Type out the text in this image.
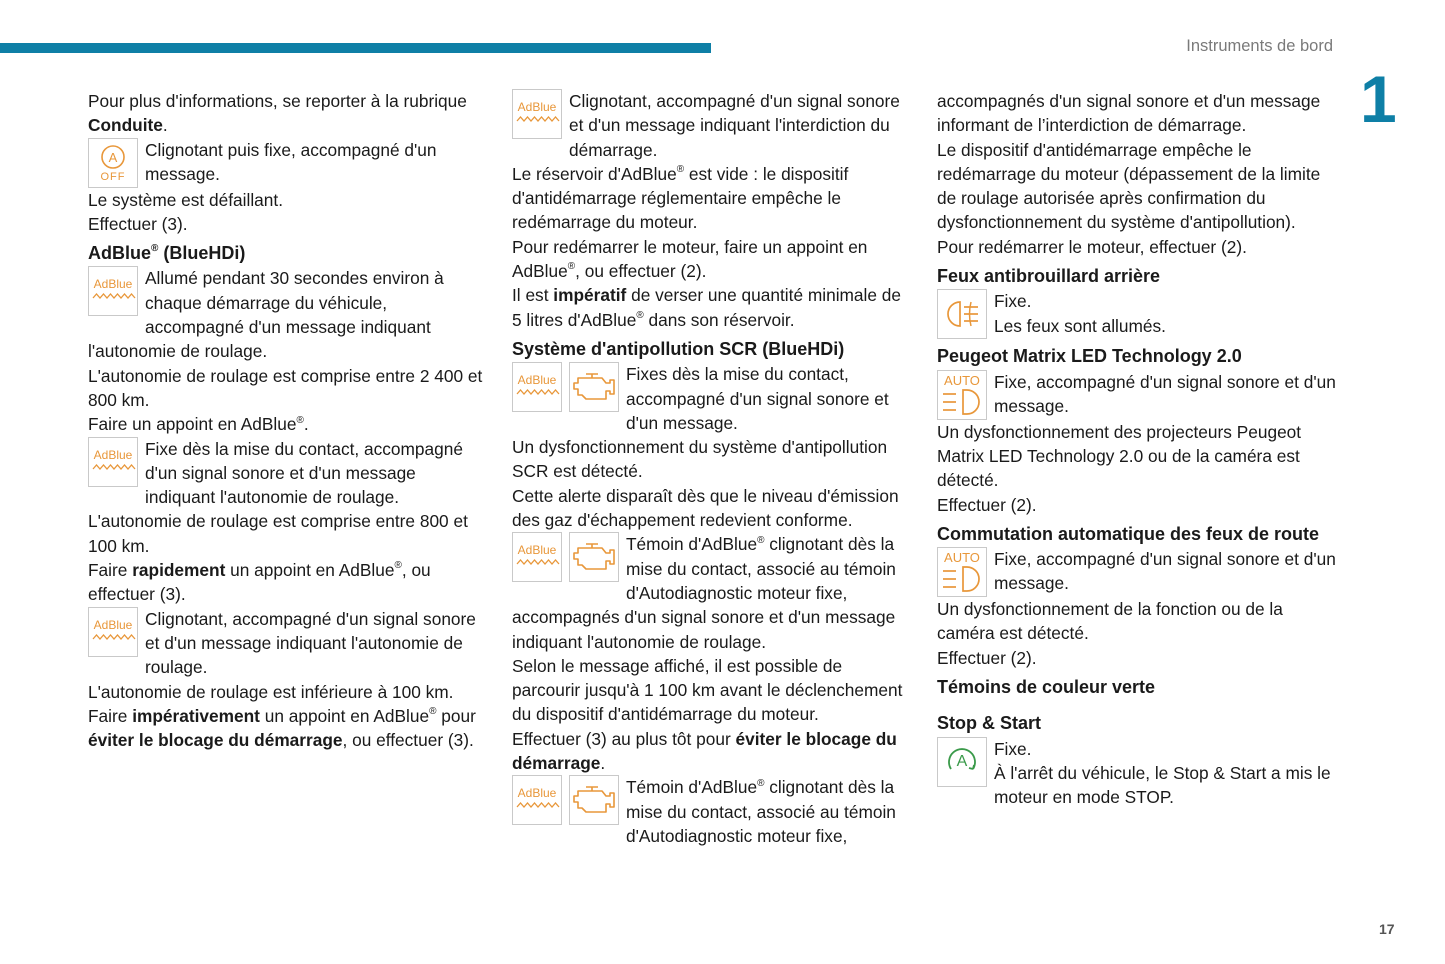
Instruments de bord
1
17
Pour plus d'informations, se reporter à la rubrique Conduite.
A
OFF
Clignotant puis fixe, accompagné d'un message.
Le système est défaillant.
Effectuer (3).
AdBlue® (BlueHDi)
AdBlue Allumé pendant 30 secondes environ à chaque démarrage du véhicule, accompagné d'un message indiquant l'autonomie de roulage.
L'autonomie de roulage est comprise entre 2 400 et 800 km.
Faire un appoint en AdBlue®.
AdBlue Fixe dès la mise du contact, accompagné d'un signal sonore et d'un message indiquant l'autonomie de roulage.
L'autonomie de roulage est comprise entre 800 et 100 km.
Faire rapidement un appoint en AdBlue®, ou effectuer (3).
AdBlue Clignotant, accompagné d'un signal sonore et d'un message indiquant l'autonomie de roulage.
L'autonomie de roulage est inférieure à 100 km.
Faire impérativement un appoint en AdBlue® pour éviter le blocage du démarrage, ou effectuer (3).
AdBlue Clignotant, accompagné d'un signal sonore et d'un message indiquant l'interdiction du démarrage.
Le réservoir d'AdBlue® est vide : le dispositif d'antidémarrage réglementaire empêche le redémarrage du moteur.
Pour redémarrer le moteur, faire un appoint en AdBlue®, ou effectuer (2).
Il est impératif de verser une quantité minimale de 5 litres d'AdBlue® dans son réservoir.
Système d'antipollution SCR (BlueHDi)
AdBlue	Fixes dès la mise du contact, accompagné d'un signal sonore et d'un message.
Un dysfonctionnement du système d'antipollution SCR est détecté.
Cette alerte disparaît dès que le niveau d'émission des gaz d'échappement redevient conforme.
AdBlue	Témoin d'AdBlue® clignotant dès la mise du contact, associé au témoin d'Autodiagnostic moteur fixe, accompagnés d'un signal sonore et d'un message indiquant l'autonomie de roulage.
Selon le message affiché, il est possible de parcourir jusqu'à 1 100 km avant le déclenchement du dispositif d'antidémarrage du moteur.
Effectuer (3) au plus tôt pour éviter le blocage du démarrage.
AdBlue	Témoin d'AdBlue® clignotant dès la mise du contact, associé au témoin d'Autodiagnostic moteur fixe,
accompagnés d'un signal sonore et d'un message informant de l’interdiction de démarrage.
Le dispositif d'antidémarrage empêche le redémarrage du moteur (dépassement de la limite de roulage autorisée après confirmation du dysfonctionnement du système d'antipollution).
Pour redémarrer le moteur, effectuer (2).
Feux antibrouillard arrière
Fixe.
Les feux sont allumés.
Peugeot Matrix LED Technology 2.0
AUTO Fixe, accompagné d'un signal sonore et d'un message.
Un dysfonctionnement des projecteurs Peugeot Matrix LED Technology 2.0 ou de la caméra est détecté.
Effectuer (2).
Commutation automatique des feux de route
AUTO Fixe, accompagné d'un signal sonore et d'un message.
Un dysfonctionnement de la fonction ou de la caméra est détecté.
Effectuer (2).
Témoins de couleur verte
Stop & Start
A
Fixe.
À l'arrêt du véhicule, le Stop & Start a mis le moteur en mode STOP.
